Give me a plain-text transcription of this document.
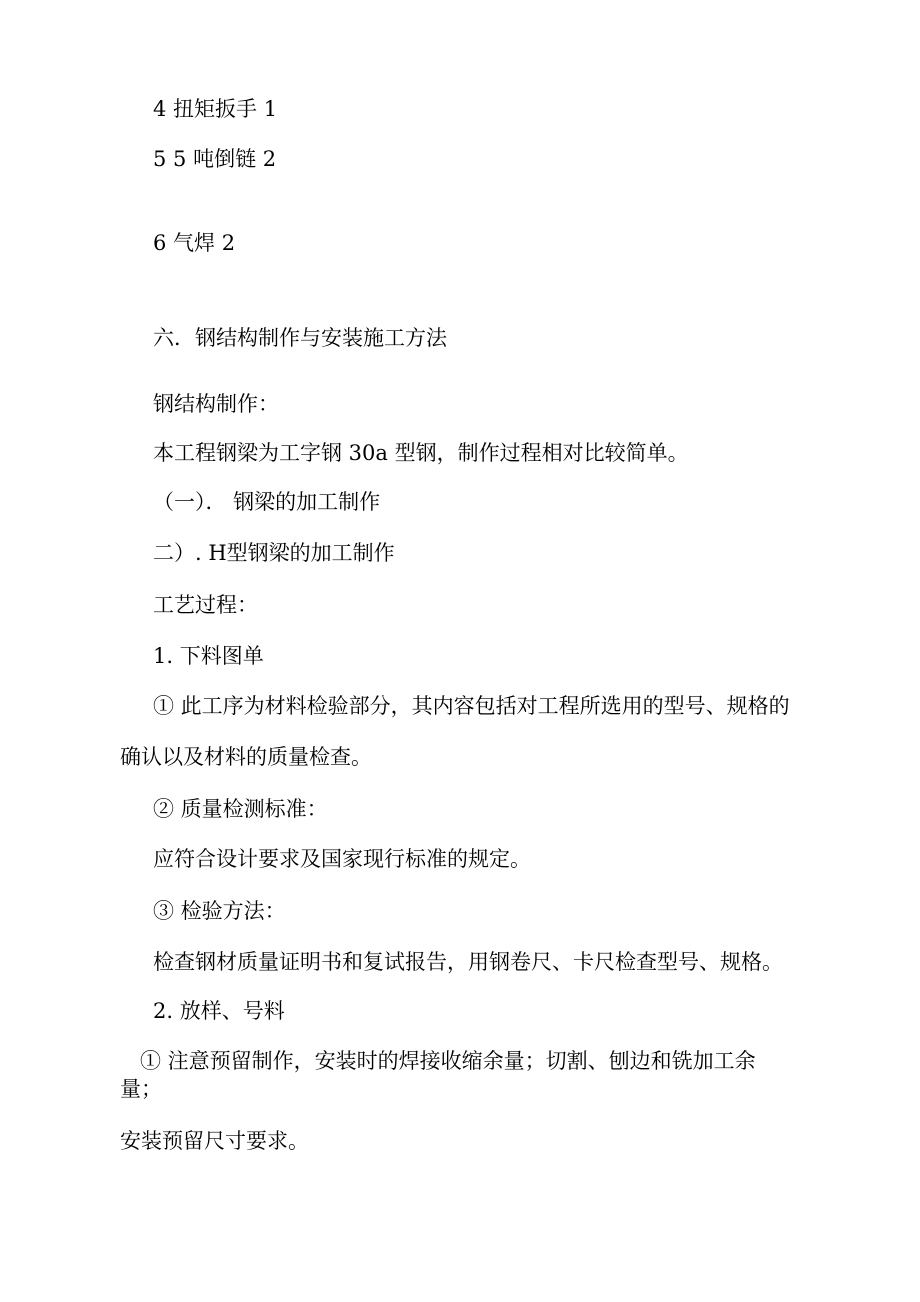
4 扭矩扳手 1

5 5 吨倒链 2

6 气焊 2

六．钢结构制作与安装施工方法

钢结构制作：

本工程钢梁为工字钢 30a 型钢，制作过程相对比较简单。

（一）． 钢梁的加工制作

二）. H型钢梁的加工制作

工艺过程：

1. 下料图单

① 此工序为材料检验部分，其内容包括对工程所选用的型号、规格的

确认以及材料的质量检查。

② 质量检测标准：

应符合设计要求及国家现行标准的规定。

③ 检验方法：

检查钢材质量证明书和复试报告，用钢卷尺、卡尺检查型号、规格。

2. 放样、号料

① 注意预留制作，安装时的焊接收缩余量；切割、刨边和铣加工余

量；

安装预留尺寸要求。
